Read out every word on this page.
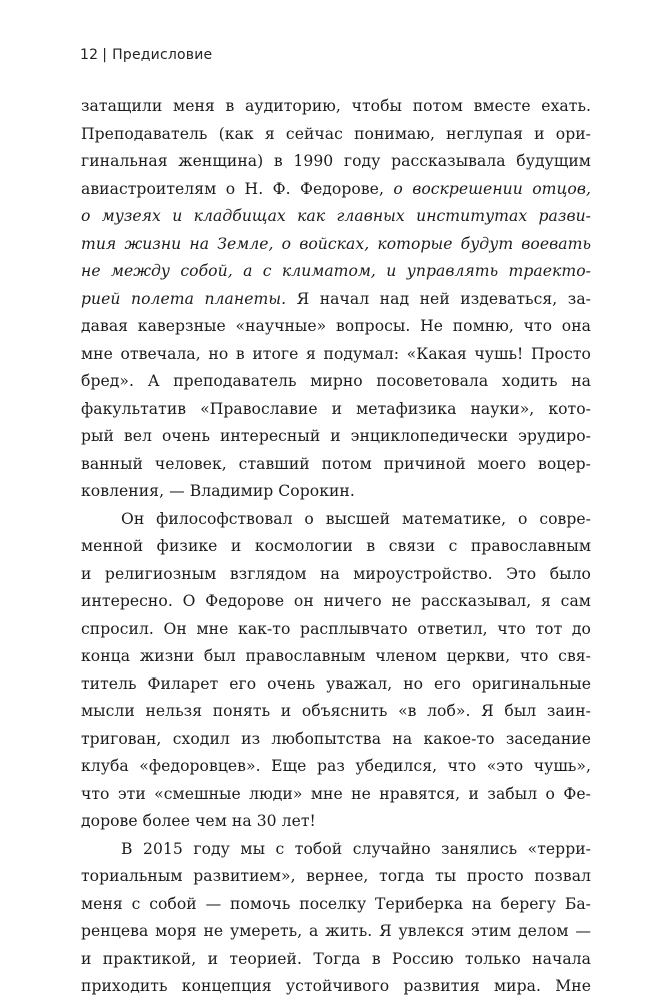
12 | Предисловие
затащили меня в аудиторию, чтобы потом вместе ехать.
Преподаватель (как я сейчас понимаю, неглупая и ори-
гинальная женщина) в 1990 году рассказывала будущим
авиастроителям о Н. Ф. Федорове, о воскрешении отцов,
о музеях и кладбищах как главных институтах разви-
тия жизни на Земле, о войсках, которые будут воевать
не между собой, а с климатом, и управлять траекто-
рией полета планеты. Я начал над ней издеваться, за-
давая каверзные «научные» вопросы. Не помню, что она
мне отвечала, но в итоге я подумал: «Какая чушь! Просто
бред». А преподаватель мирно посоветовала ходить на
факультатив «Православие и метафизика науки», кото-
рый вел очень интересный и энциклопедически эрудиро-
ванный человек, ставший потом причиной моего воцер-
ковления, — Владимир Сорокин.
Он философствовал о высшей математике, о совре-
менной физике и космологии в связи с православным
и религиозным взглядом на мироустройство. Это было
интересно. О Федорове он ничего не рассказывал, я сам
спросил. Он мне как-то расплывчато ответил, что тот до
конца жизни был православным членом церкви, что свя-
титель Филарет его очень уважал, но его оригинальные
мысли нельзя понять и объяснить «в лоб». Я был заин-
тригован, сходил из любопытства на какое-то заседание
клуба «федоровцев». Еще раз убедился, что «это чушь»,
что эти «смешные люди» мне не нравятся, и забыл о Фе-
дорове более чем на 30 лет!
В 2015 году мы с тобой случайно занялись «терри-
ториальным развитием», вернее, тогда ты просто позвал
меня с собой — помочь поселку Териберка на берегу Ба-
ренцева моря не умереть, а жить. Я увлекся этим делом —
и практикой, и теорией. Тогда в Россию только начала
приходить концепция устойчивого развития мира. Мне
